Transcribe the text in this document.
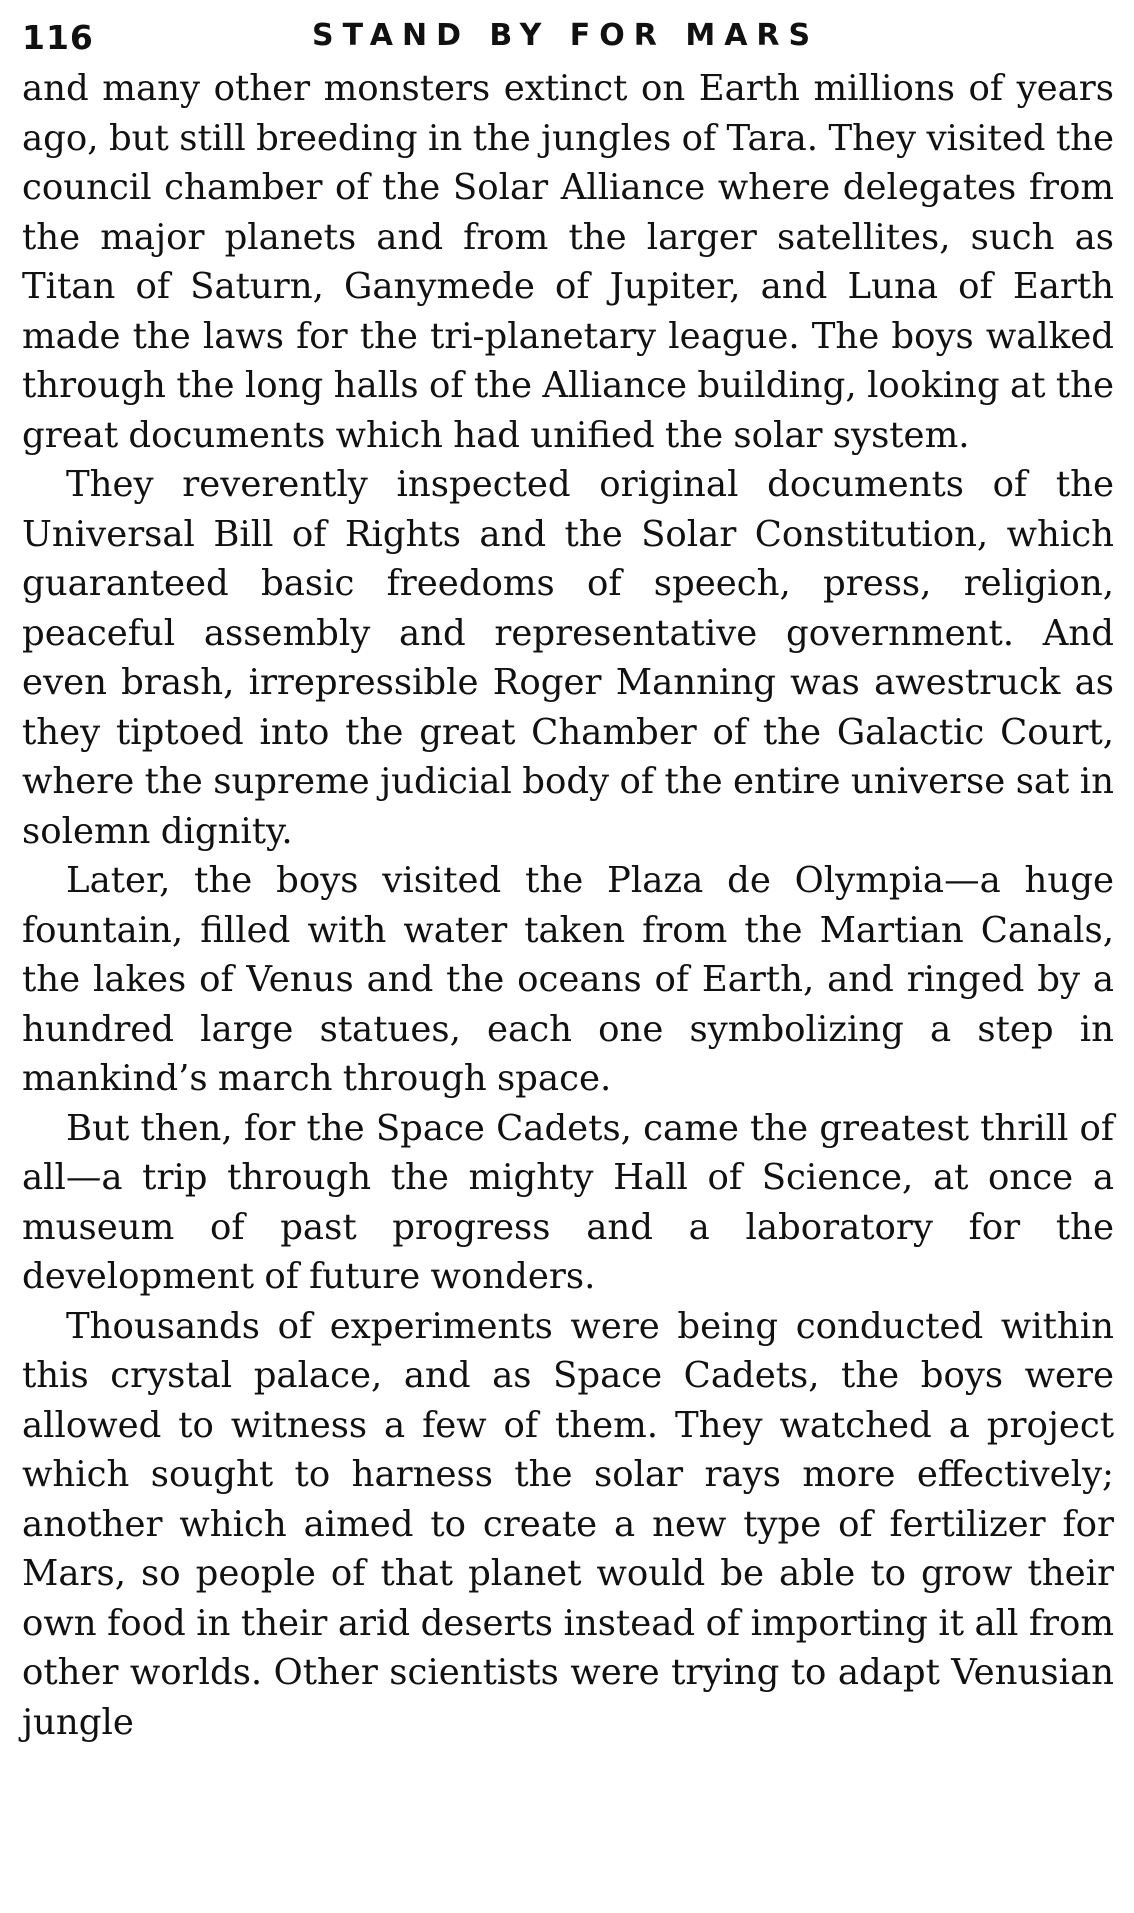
116	STAND BY FOR MARS

and many other monsters extinct on Earth millions of years ago, but still breeding in the jungles of Tara. They visited the council chamber of the Solar Alliance where delegates from the major planets and from the larger satellites, such as Titan of Saturn, Ganymede of Jupiter, and Luna of Earth made the laws for the tri-planetary league. The boys walked through the long halls of the Alliance building, looking at the great documents which had unified the solar system.

They reverently inspected original documents of the Universal Bill of Rights and the Solar Constitution, which guaranteed basic freedoms of speech, press, religion, peaceful assembly and representative government. And even brash, irrepressible Roger Manning was awestruck as they tiptoed into the great Chamber of the Galactic Court, where the supreme judicial body of the entire universe sat in solemn dignity.

Later, the boys visited the Plaza de Olympia—a huge fountain, filled with water taken from the Martian Canals, the lakes of Venus and the oceans of Earth, and ringed by a hundred large statues, each one symbolizing a step in mankind’s march through space.

But then, for the Space Cadets, came the greatest thrill of all—a trip through the mighty Hall of Science, at once a museum of past progress and a laboratory for the development of future wonders.

Thousands of experiments were being conducted within this crystal palace, and as Space Cadets, the boys were allowed to witness a few of them. They watched a project which sought to harness the solar rays more effectively; another which aimed to create a new type of fertilizer for Mars, so people of that planet would be able to grow their own food in their arid deserts instead of importing it all from other worlds. Other scientists were trying to adapt Venusian jungle
